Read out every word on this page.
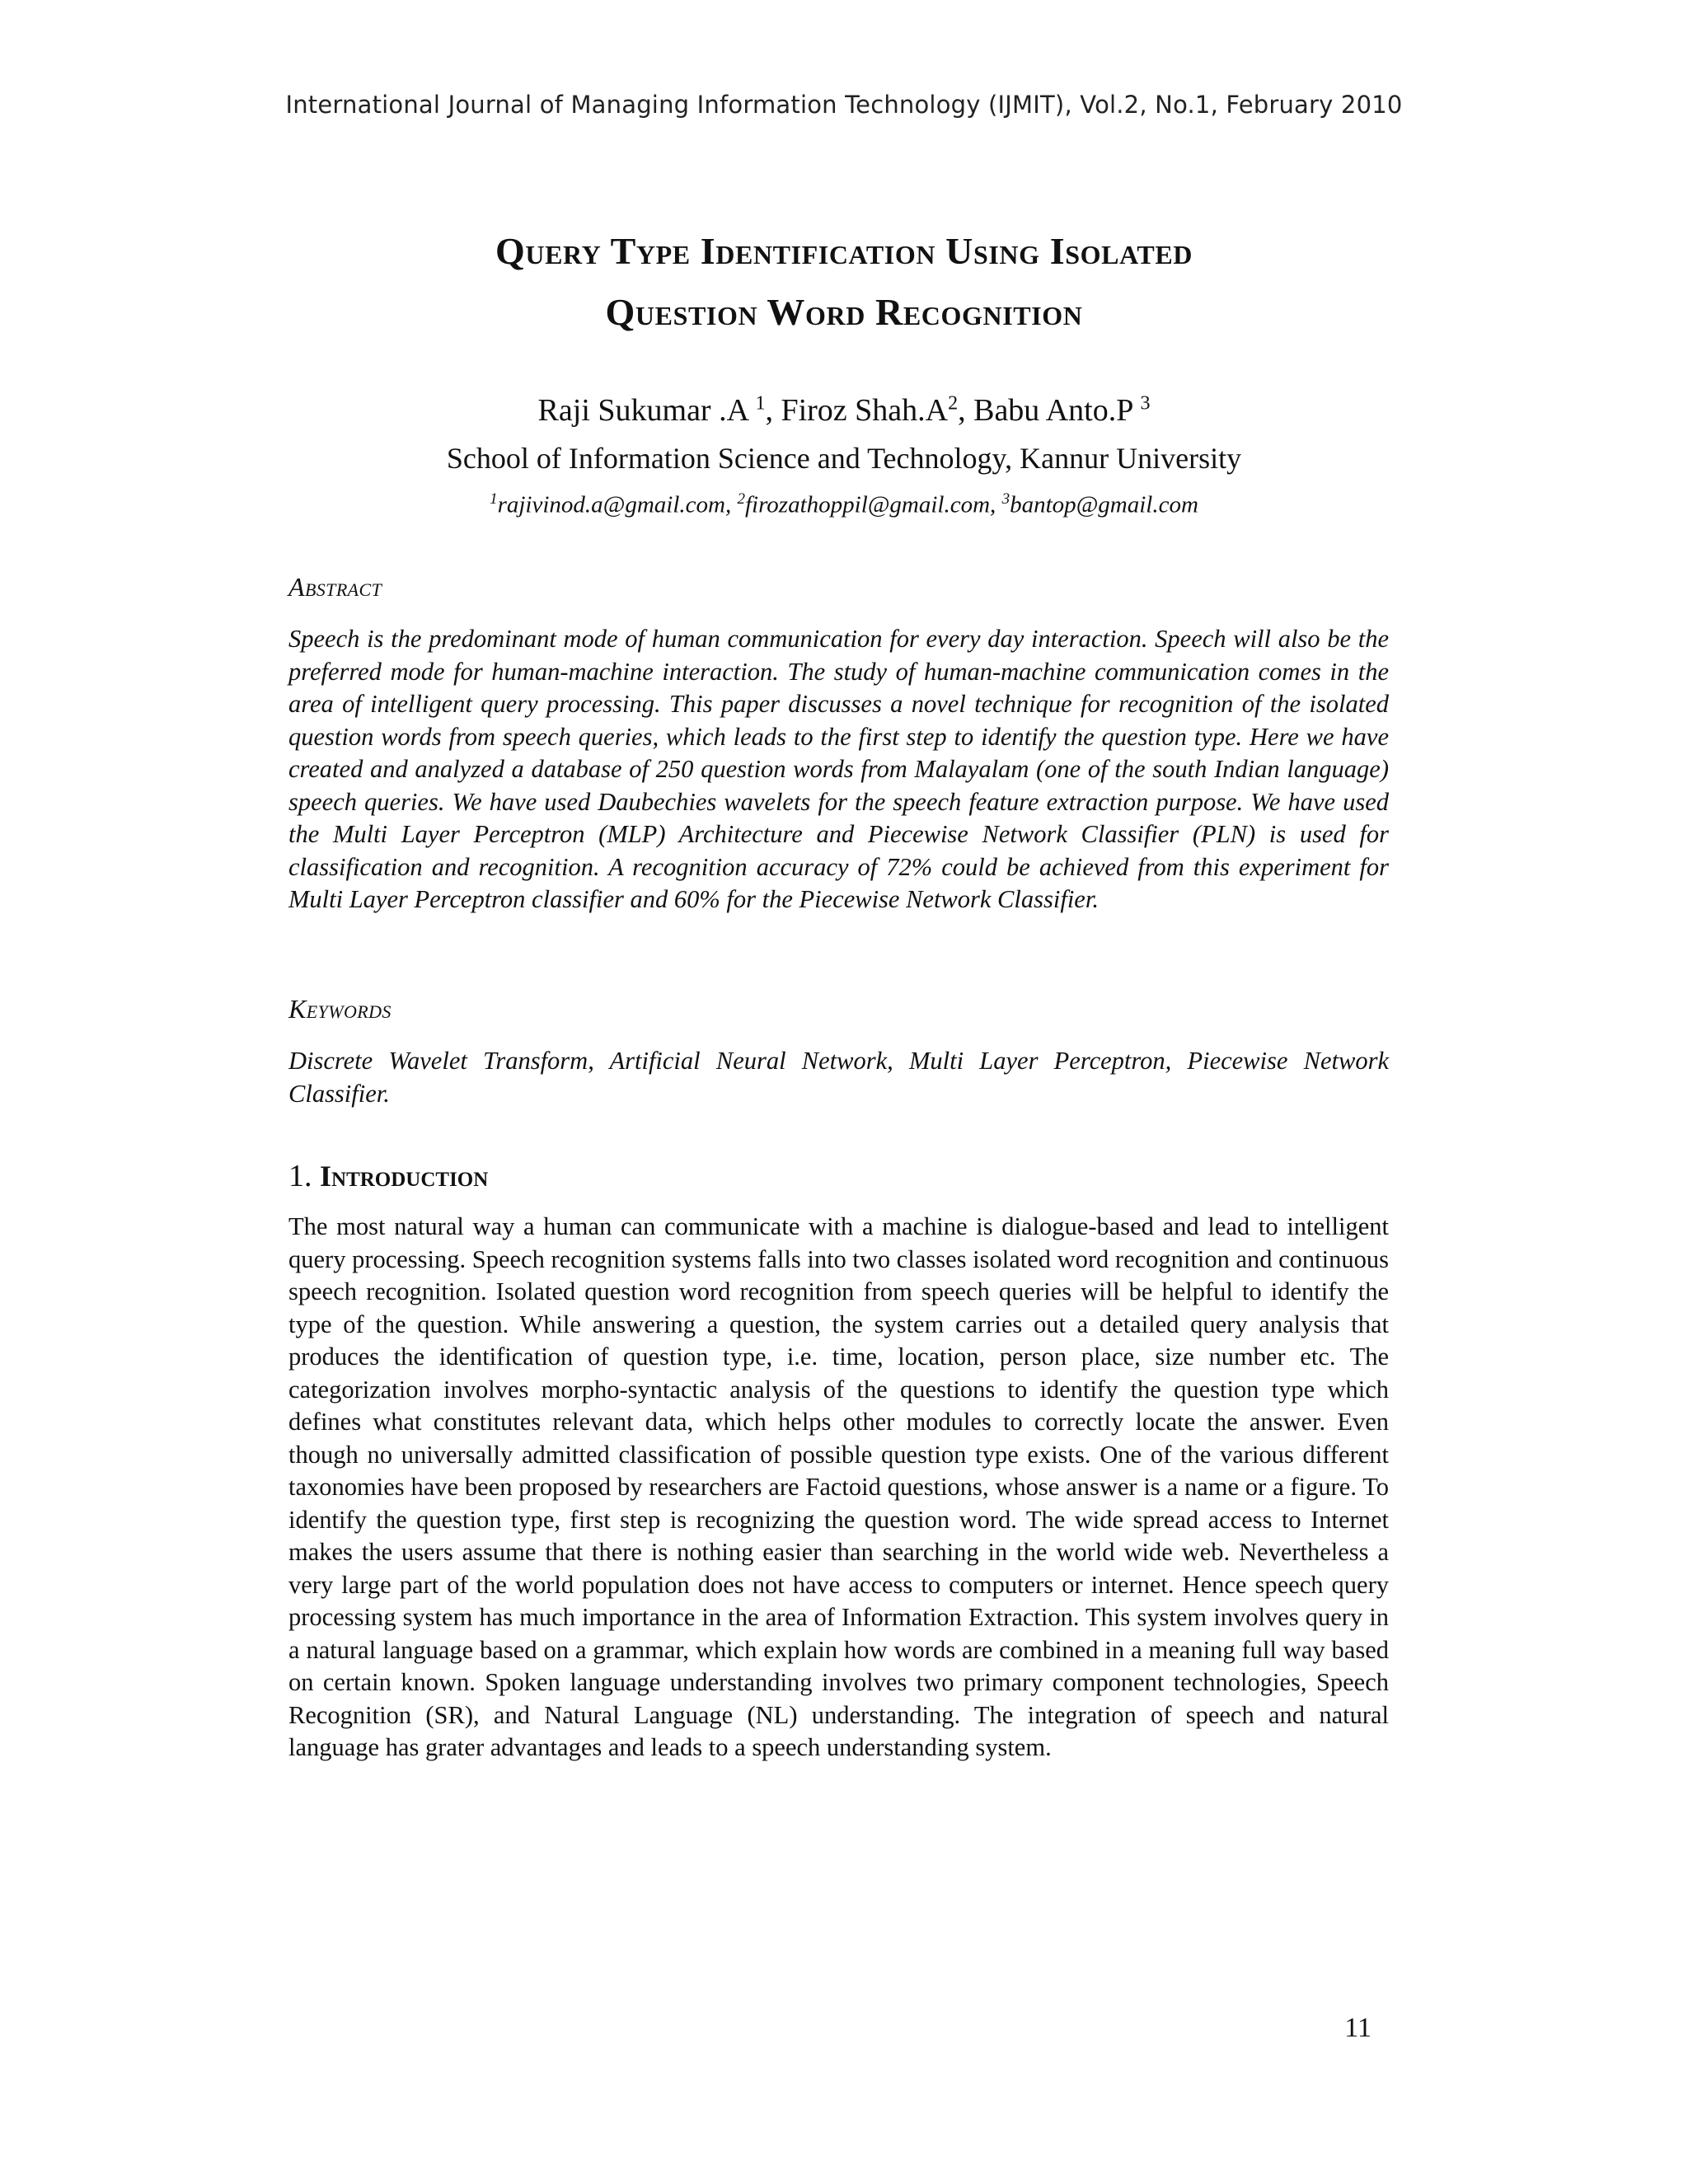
International Journal of Managing Information Technology (IJMIT), Vol.2, No.1, February 2010
Query Type Identification Using Isolated
Question Word Recognition
Raji Sukumar .A $^1$, Firoz $Shah.A^2$, Babu Anto.P $^3$
School of Information Science and Technology, Kannur University
$^1$rajivinod.a@gmail.com, $^2$firozathoppil@gmail.com, $^3$bantop@gmail.com
Abstract

Speech is the predominant mode of human communication for every day interaction. Speech will also be the preferred mode for human-machine interaction. The study of human-machine communication comes in the area of intelligent query processing. This paper discusses a novel technique for recognition of the isolated question words from speech queries, which leads to the first step to identify the question type. Here we have created and analyzed a database of 250 question words from Malayalam (one of the south Indian language) speech queries. We have used Daubechies wavelets for the speech feature extraction purpose. We have used the Multi Layer Perceptron (MLP) Architecture and Piecewise Network Classifier (PLN) is used for classification and recognition. A recognition accuracy of 72% could be achieved from this experiment for Multi Layer Perceptron classifier and 60% for the Piecewise Network Classifier.

Keywords

Discrete Wavelet Transform, Artificial Neural Network, Multi Layer Perceptron, Piecewise Network Classifier.

1. Introduction

The most natural way a human can communicate with a machine is dialogue-based and lead to intelligent query processing. Speech recognition systems falls into two classes isolated word recognition and continuous speech recognition. Isolated question word recognition from speech queries will be helpful to identify the type of the question. While answering a question, the system carries out a detailed query analysis that produces the identification of question type, i.e. time, location, person place, size number etc. The categorization involves morpho-syntactic analysis of the questions to identify the question type which defines what constitutes relevant data, which helps other modules to correctly locate the answer. Even though no universally admitted classification of possible question type exists. One of the various different taxonomies have been proposed by researchers are Factoid questions, whose answer is a name or a figure. To identify the question type, first step is recognizing the question word. The wide spread access to Internet makes the users assume that there is nothing easier than searching in the world wide web. Nevertheless a very large part of the world population does not have access to computers or internet. Hence speech query processing system has much importance in the area of Information Extraction. This system involves query in a natural language based on a grammar, which explain how words are combined in a meaning full way based on certain known. Spoken language understanding involves two primary component technologies, Speech Recognition (SR), and Natural Language (NL) understanding. The integration of speech and natural language has grater advantages and leads to a speech understanding system.

11
